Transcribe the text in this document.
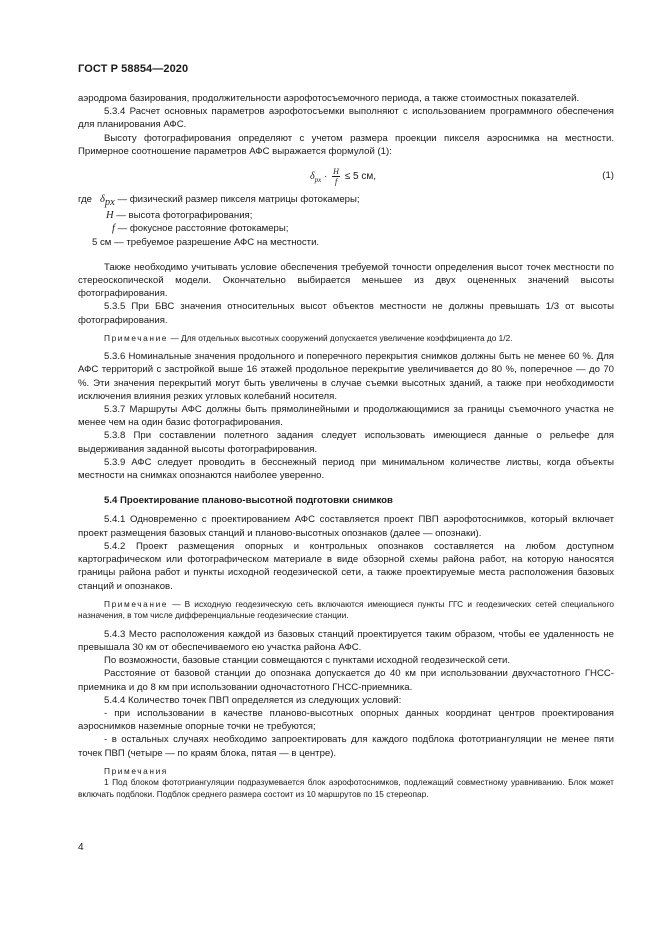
ГОСТ Р 58854—2020

аэродрома базирования, продолжительности аэрофотосъемочного периода, а также стоимостных показателей.

5.3.4 Расчет основных параметров аэрофотосъемки выполняют с использованием программного обеспечения для планирования АФС.

Высоту фотографирования определяют с учетом размера проекции пикселя аэроснимка на местности. Примерное соотношение параметров АФС выражается формулой (1):

$\delta_{px} \cdot \frac{H}{f} \le 5$ см,	(1)

где $\delta_{px}$ — физический размер пикселя матрицы фотокамеры;

H — высота фотографирования;

f — фокусное расстояние фотокамеры;

5 см — требуемое разрешение АФС на местности.

Также необходимо учитывать условие обеспечения требуемой точности определения высот точек местности по стереоскопической модели. Окончательно выбирается меньшее из двух оцененных значений высоты фотографирования.

5.3.5 При БВС значения относительных высот объектов местности не должны превышать 1/3 от высоты фотографирования.

Примечание — Для отдельных высотных сооружений допускается увеличение коэффициента до 1/2.

5.3.6 Номинальные значения продольного и поперечного перекрытия снимков должны быть не менее 60 %. Для АФС территорий с застройкой выше 16 этажей продольное перекрытие увеличивается до 80 %, поперечное — до 70 %. Эти значения перекрытий могут быть увеличены в случае съемки высотных зданий, а также при необходимости исключения влияния резких угловых колебаний носителя.

5.3.7 Маршруты АФС должны быть прямолинейными и продолжающимися за границы съемочного участка не менее чем на один базис фотографирования.

5.3.8 При составлении полетного задания следует использовать имеющиеся данные о рельефе для выдерживания заданной высоты фотографирования.

5.3.9 АФС следует проводить в бесснежный период при минимальном количестве листвы, когда объекты местности на снимках опознаются наиболее уверенно.

5.4 Проектирование планово-высотной подготовки снимков

5.4.1 Одновременно с проектированием АФС составляется проект ПВП аэрофотоснимков, который включает проект размещения базовых станций и планово-высотных опознаков (далее — опознаки).

5.4.2 Проект размещения опорных и контрольных опознаков составляется на любом доступном картографическом или фотографическом материале в виде обзорной схемы района работ, на которую наносятся границы района работ и пункты исходной геодезической сети, а также проектируемые места расположения базовых станций и опознаков.

Примечание — В исходную геодезическую сеть включаются имеющиеся пункты ГГС и геодезических сетей специального назначения, в том числе дифференциальные геодезические станции.

5.4.3 Место расположения каждой из базовых станций проектируется таким образом, чтобы ее удаленность не превышала 30 км от обеспечиваемого ею участка района АФС.

По возможности, базовые станции совмещаются с пунктами исходной геодезической сети.

Расстояние от базовой станции до опознака допускается до 40 км при использовании двухчастотного ГНСС-приемника и до 8 км при использовании одночастотного ГНСС-приемника.

5.4.4 Количество точек ПВП определяется из следующих условий:

- при использовании в качестве планово-высотных опорных данных координат центров проектирования аэроснимков наземные опорные точки не требуются;

- в остальных случаях необходимо запроектировать для каждого подблока фототриангуляции не менее пяти точек ПВП (четыре — по краям блока, пятая — в центре).

Примечания

1 Под блоком фототриангуляции подразумевается блок аэрофотоснимков, подлежащий совместному уравниванию. Блок может включать подблоки. Подблок среднего размера состоит из 10 маршрутов по 15 стереопар.

4
